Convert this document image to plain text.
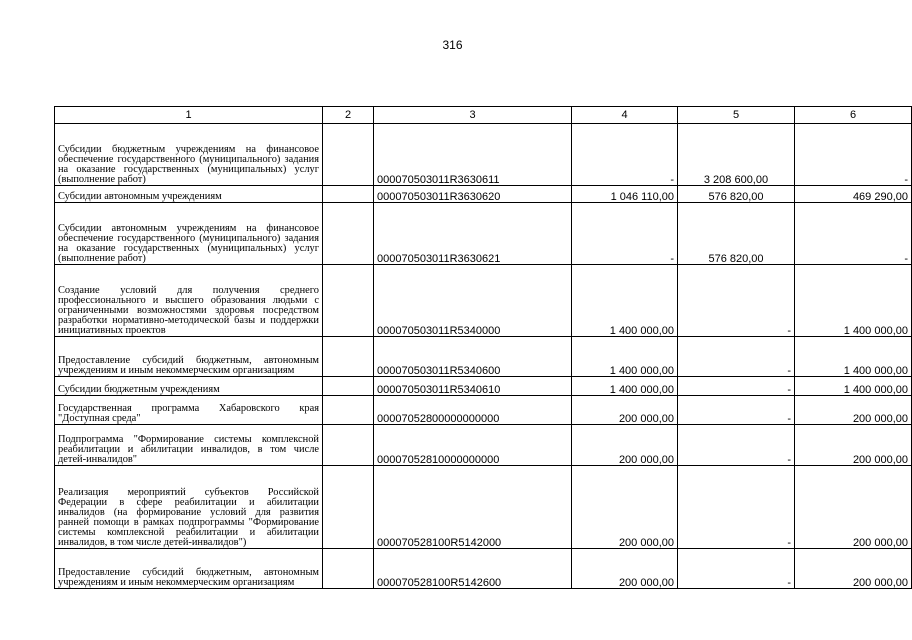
316
1	2	3	4	5	6
Субсидии бюджетным учреждениям на финансовое обеспечение государственного (муниципального) задания на оказание государственных (муниципальных) услуг (выполнение работ)		000070503011R3630611	-	3 208 600,00	-
Субсидии автономным учреждениям		000070503011R3630620	1 046 110,00	576 820,00	469 290,00
Субсидии автономным учреждениям на финансовое обеспечение государственного (муниципального) задания на оказание государственных (муниципальных) услуг (выполнение работ)		000070503011R3630621	-	576 820,00	-
Создание условий для получения среднего профессионального и высшего образования людьми с ограниченными возможностями здоровья посредством разработки нормативно-методической базы и поддержки инициативных проектов		000070503011R5340000	1 400 000,00	-	1 400 000,00
Предоставление субсидий бюджетным, автономным учреждениям и иным некоммерческим организациям		000070503011R5340600	1 400 000,00	-	1 400 000,00
Субсидии бюджетным учреждениям		000070503011R5340610	1 400 000,00	-	1 400 000,00
Государственная программа Хабаровского края "Доступная среда"		00007052800000000000	200 000,00	-	200 000,00
Подпрограмма "Формирование системы комплексной реабилитации и абилитации инвалидов, в том числе детей-инвалидов"		00007052810000000000	200 000,00	-	200 000,00
Реализация мероприятий субъектов Российской Федерации в сфере реабилитации и абилитации инвалидов (на формирование условий для развития ранней помощи в рамках подпрограммы "Формирование системы комплексной реабилитации и абилитации инвалидов, в том числе детей-инвалидов")		000070528100R5142000	200 000,00	-	200 000,00
Предоставление субсидий бюджетным, автономным учреждениям и иным некоммерческим организациям		000070528100R5142600	200 000,00	-	200 000,00
